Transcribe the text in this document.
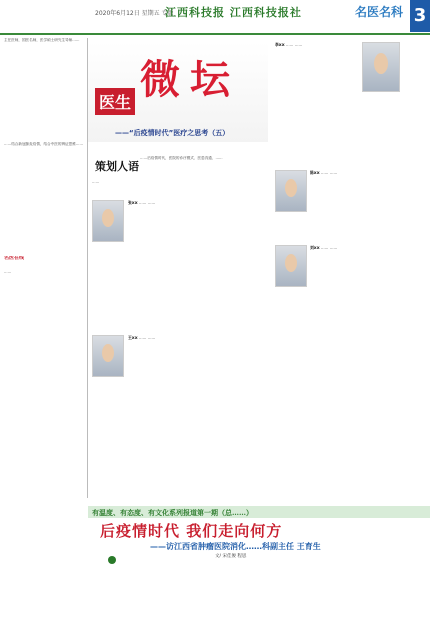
2020年6月12日 星期五 专版
江西科技报 江西科技报社	名医名科 3
主任医师，国医名师，医学硕士研究生导师……
……结合新冠肺炎疫情，结合中医的辨证思维……
名医在线
……
医生 微坛
——“后疫情时代”医疗之思考（五）
策划人语
……后疫情时代，医院的诊疗模式、医患沟通、……
……
张XX …… ……
王XX …… ……
李XX …… ……
陈XX …… ……
刘XX …… ……
有温度、有态度、有文化系列报道第一期（总……）
后疫情时代 我们走向何方
——访江西省肿瘤医院消化……科副主任 王育生
文/ 宋佳俊 程思
